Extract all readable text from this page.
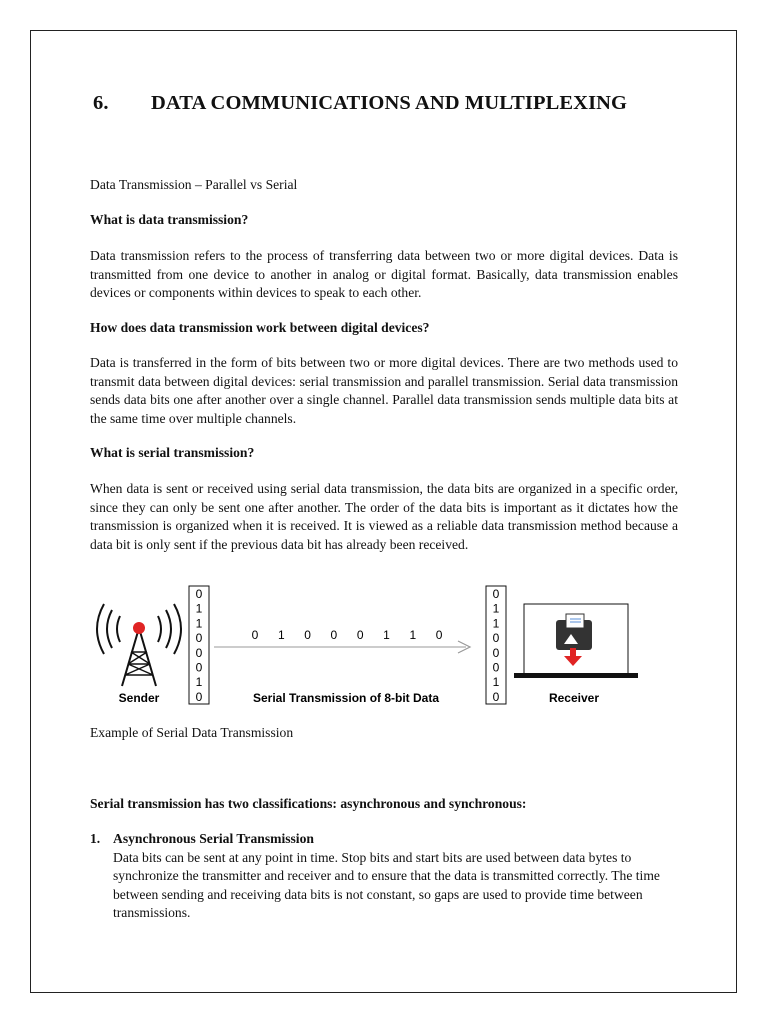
6. DATA COMMUNICATIONS AND MULTIPLEXING

Data Transmission – Parallel vs Serial

What is data transmission?

Data transmission refers to the process of transferring data between two or more digital devices. Data is transmitted from one device to another in analog or digital format. Basically, data transmission enables devices or components within devices to speak to each other.

How does data transmission work between digital devices?

Data is transferred in the form of bits between two or more digital devices. There are two methods used to transmit data between digital devices: serial transmission and parallel transmission. Serial data transmission sends data bits one after another over a single channel. Parallel data transmission sends multiple data bits at the same time over multiple channels.

What is serial transmission?

When data is sent or received using serial data transmission, the data bits are organized in a specific order, since they can only be sent one after another. The order of the data bits is important as it dictates how the transmission is organized when it is received. It is viewed as a reliable data transmission method because a data bit is only sent if the previous data bit has already been received.

Sender
0
1
1
0
0
0
1
0
0 1 0 0 0 1 1 0
Serial Transmission of 8-bit Data
0
1
1
0
0
0
1
0	Receiver

Example of Serial Data Transmission

Serial transmission has two classifications: asynchronous and synchronous:

1. Asynchronous Serial Transmission
Data bits can be sent at any point in time. Stop bits and start bits are used between data bytes to synchronize the transmitter and receiver and to ensure that the data is transmitted correctly. The time between sending and receiving data bits is not constant, so gaps are used to provide time between transmissions.
